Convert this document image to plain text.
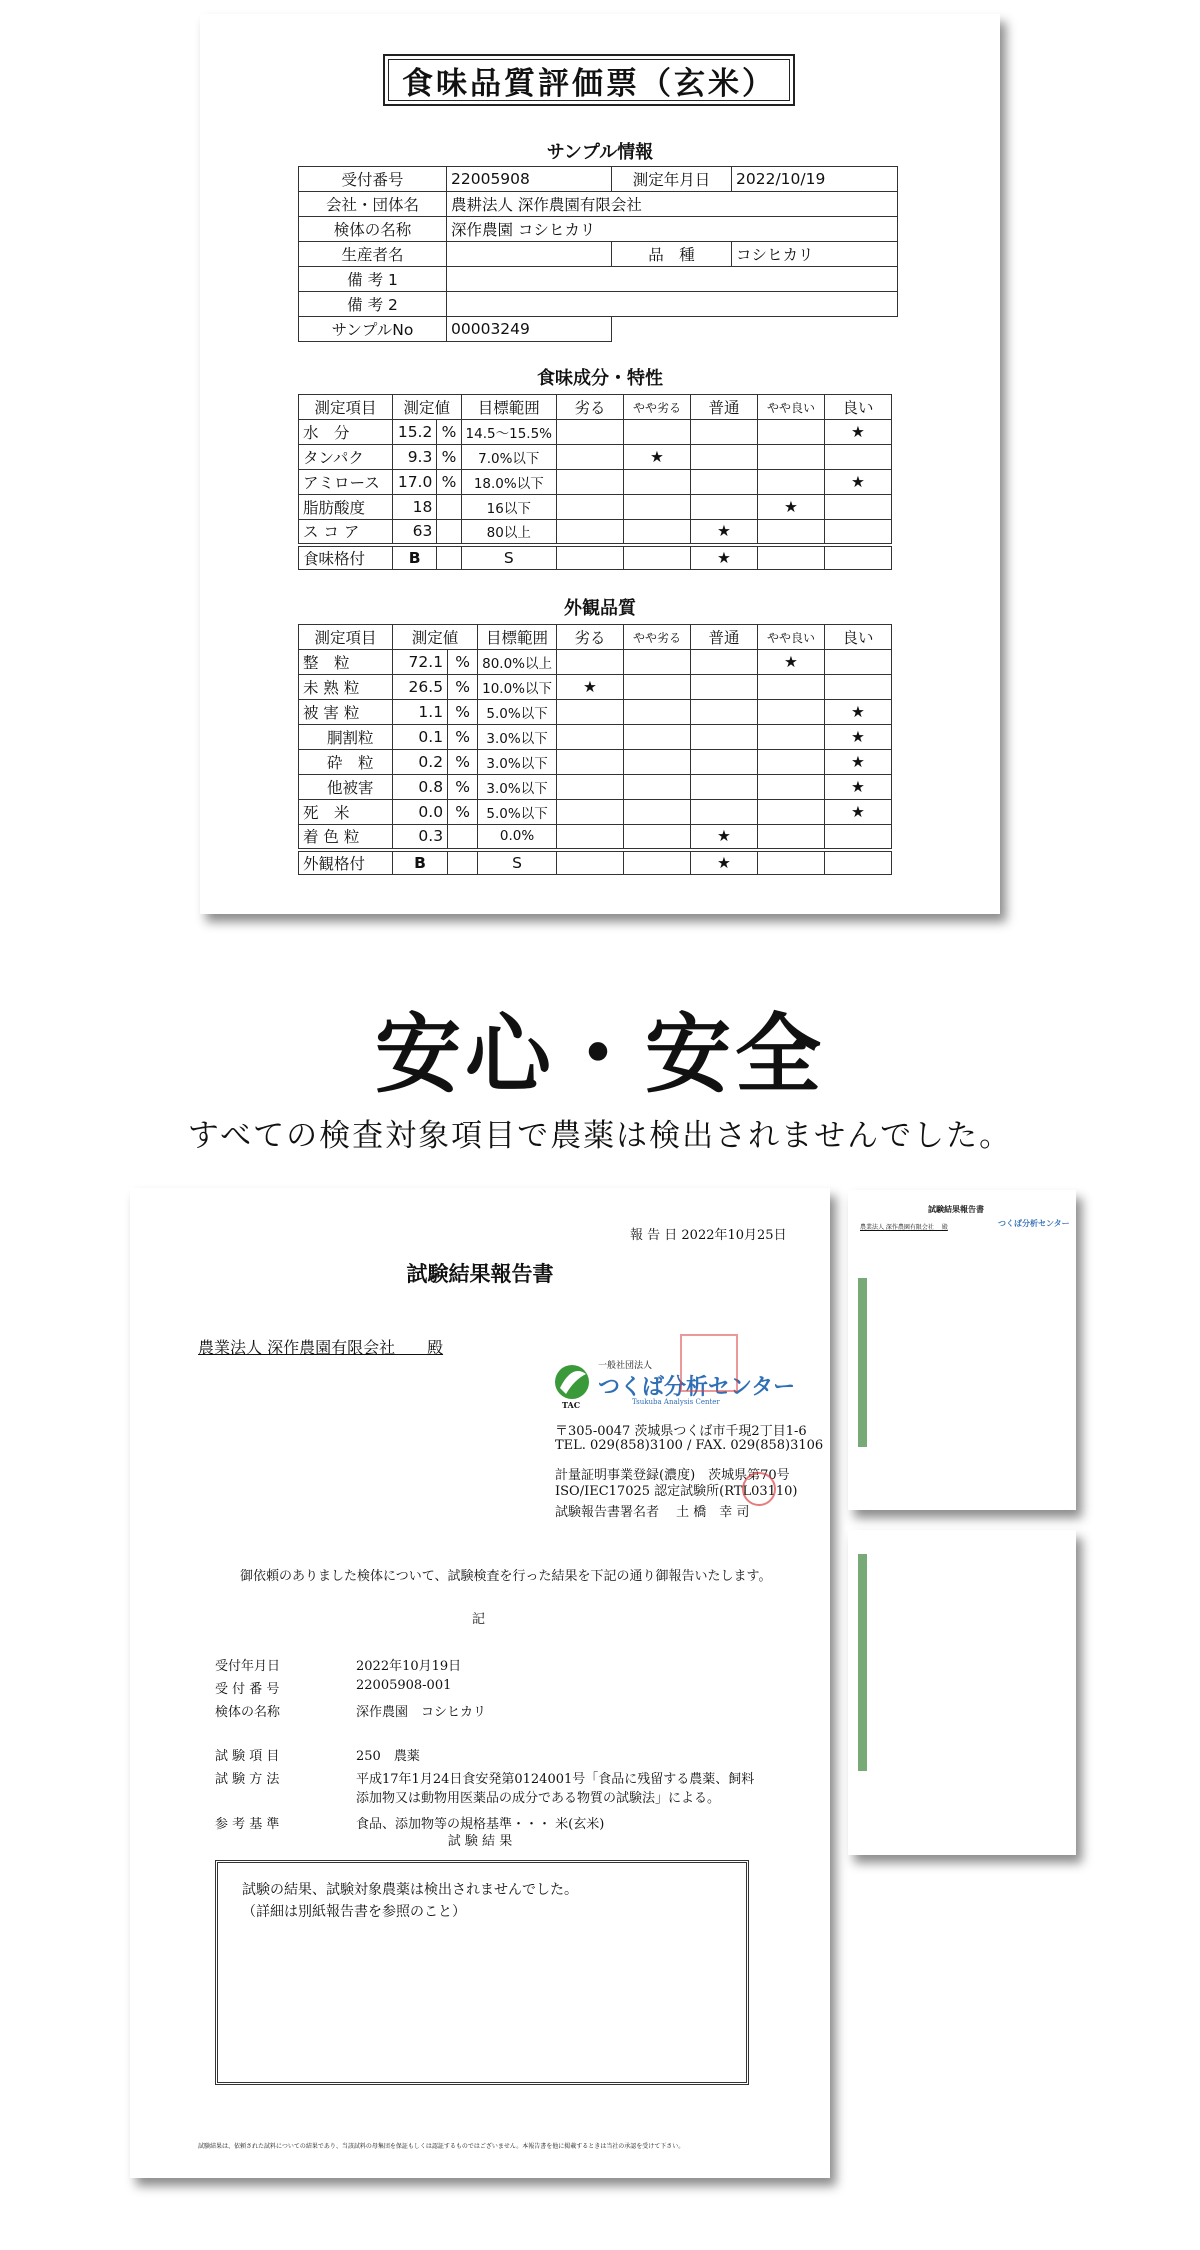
食味品質評価票（玄米）
サンプル情報
受付番号	22005908	測定年月日	2022/10/19
会社・団体名	農耕法人 深作農園有限会社		
検体の名称	深作農園 コシヒカリ		
生産者名		品　種	コシヒカリ
備 考 1			
備 考 2			
サンプルNo	00003249		
食味成分・特性
測定項目	測定値		目標範囲	劣る	やや劣る	普通	やや良い	良い
水　分	15.2	%	14.5～15.5%					★
タンパク	9.3	%	7.0%以下		★			
アミロース	17.0	%	18.0%以下					★
脂肪酸度	18		16以下				★	
ス コ ア	63		80以上			★		
食味格付	B		S			★		
外観品質
測定項目	測定値		目標範囲	劣る	やや劣る	普通	やや良い	良い
整　粒	72.1	%	80.0%以上				★	
未 熟 粒	26.5	%	10.0%以下	★				
被 害 粒	1.1	%	5.0%以下					★
胴割粒	0.1	%	3.0%以下					★
砕　粒	0.2	%	3.0%以下					★
他被害	0.8	%	3.0%以下					★
死　米	0.0	%	5.0%以下					★
着 色 粒	0.3		0.0%			★		
外観格付	B		S			★		
安心・安全
すべての検査対象項目で農薬は検出されませんでした。
報 告 日 2022年10月25日
試験結果報告書
農業法人 深作農園有限会社　　殿
一般社団法人
つくば分析センター
TAC	Tsukuba Analysis Center
〒305-0047 茨城県つくば市千現2丁目1-6
TEL. 029(858)3100 / FAX. 029(858)3106
計量証明事業登録(濃度)　茨城県第70号
ISO/IEC17025 認定試験所(RTL03110)
試験報告書署名者　 土 橋　幸 司
御依頼のありました検体について、試験検査を行った結果を下記の通り御報告いたします。
記
受付年月日	2022年10月19日
受 付 番 号	22005908-001
検体の名称	深作農園　コシヒカリ
試 験 項 目	250　農薬
試 験 方 法	平成17年1月24日食安発第0124001号「食品に残留する農薬、飼料
添加物又は動物用医薬品の成分である物質の試験法」による。
参 考 基 準	食品、添加物等の規格基準・・・ 米(玄米)
試 験 結 果
試験の結果、試験対象農薬は検出されませんでした。
（詳細は別紙報告書を参照のこと）
試験結果は、依頼された試料についての結果であり、当該試料の母集団を保証もしくは認証するものではございません。本報告書を他に掲載するときは当社の承認を受けて下さい。
試験結果報告書
農業法人 深作農園有限会社　 殿	つくば分析センター
